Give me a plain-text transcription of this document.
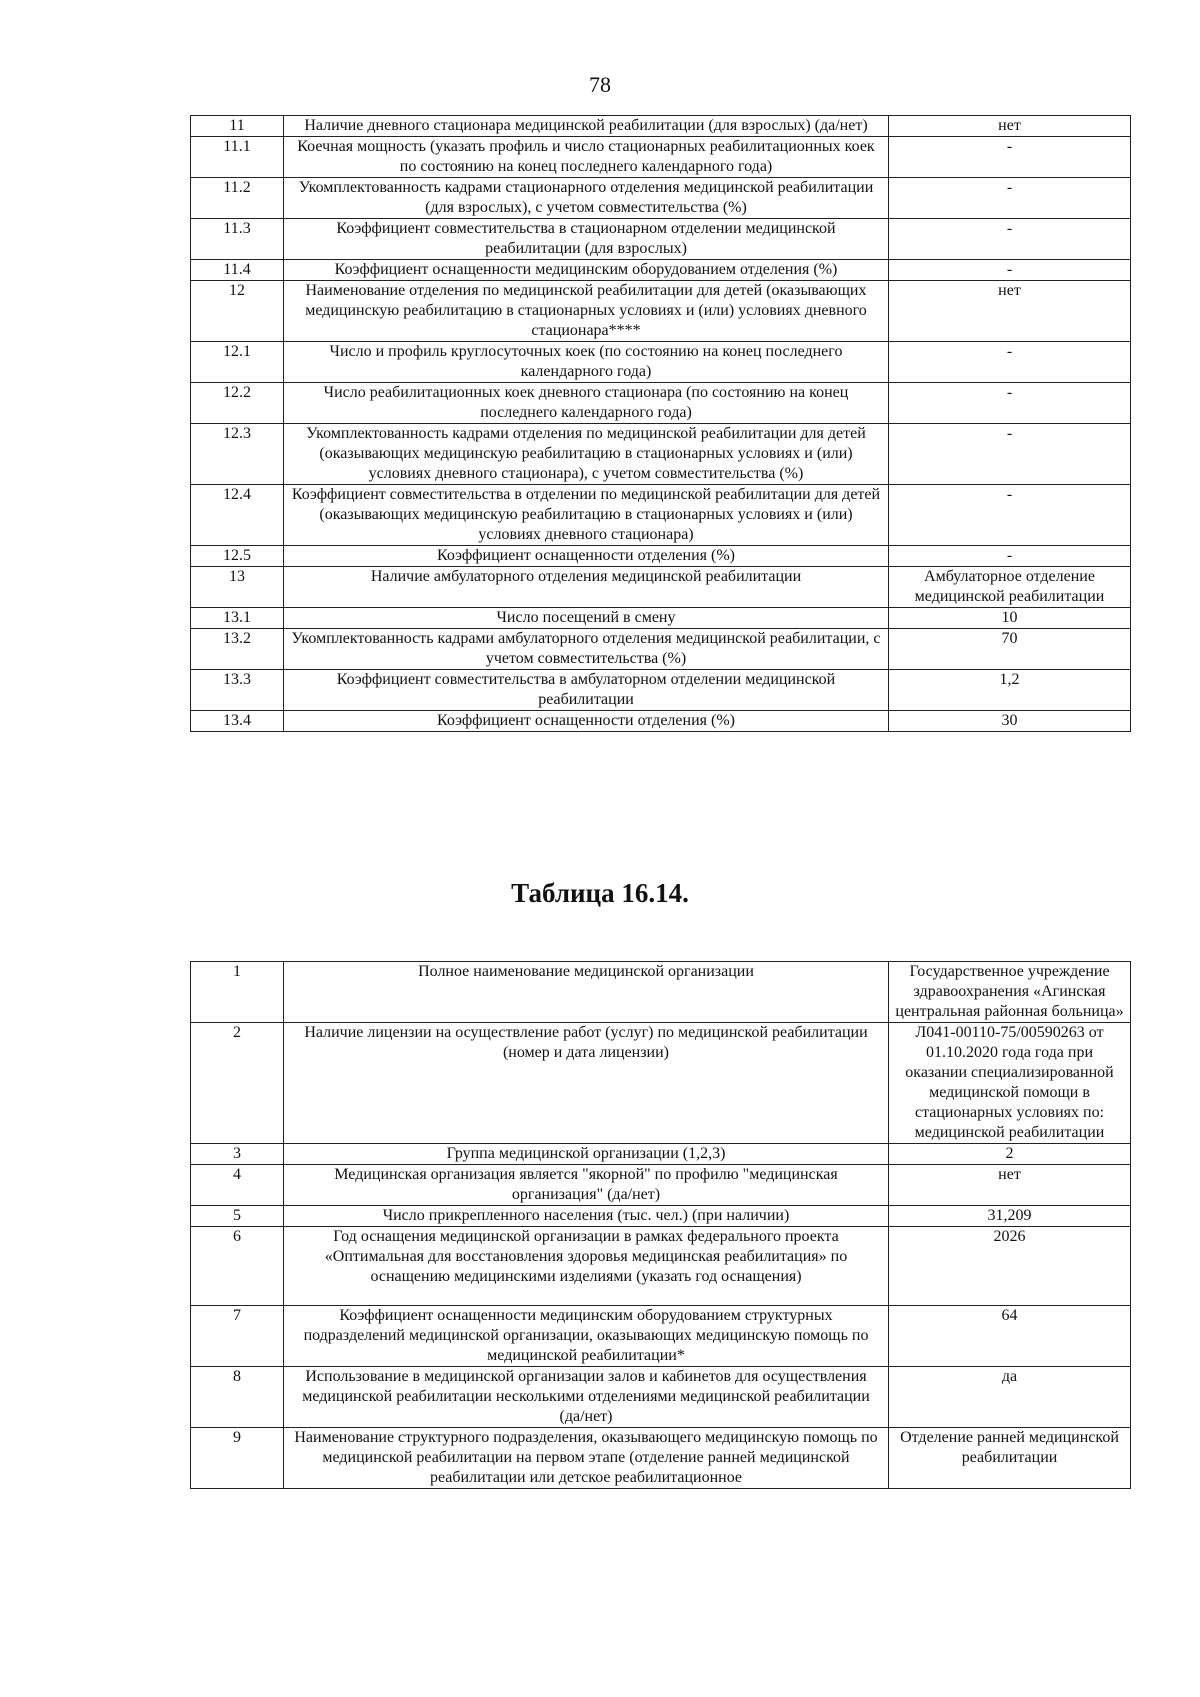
78
11	Наличие дневного стационара медицинской реабилитации (для взрослых) (да/нет)	нет
11.1	Коечная мощность (указать профиль и число стационарных реабилитационных коек по состоянию на конец последнего календарного года)	-
11.2	Укомплектованность кадрами стационарного отделения медицинской реабилитации (для взрослых), с учетом совместительства (%)	-
11.3	Коэффициент совместительства в стационарном отделении медицинской реабилитации (для взрослых)	-
11.4	Коэффициент оснащенности медицинским оборудованием отделения (%)	-
12	Наименование отделения по медицинской реабилитации для детей (оказывающих медицинскую реабилитацию в стационарных условиях и (или) условиях дневного стационара****	нет
12.1	Число и профиль круглосуточных коек (по состоянию на конец последнего календарного года)	-
12.2	Число реабилитационных коек дневного стационара (по состоянию на конец последнего календарного года)	-
12.3	Укомплектованность кадрами отделения по медицинской реабилитации для детей (оказывающих медицинскую реабилитацию в стационарных условиях и (или) условиях дневного стационара), с учетом совместительства (%)	-
12.4	Коэффициент совместительства в отделении по медицинской реабилитации для детей (оказывающих медицинскую реабилитацию в стационарных условиях и (или) условиях дневного стационара)	-
12.5	Коэффициент оснащенности отделения (%)	-
13	Наличие амбулаторного отделения медицинской реабилитации	Амбулаторное отделение медицинской реабилитации
13.1	Число посещений в смену	10
13.2	Укомплектованность кадрами амбулаторного отделения медицинской реабилитации, с учетом совместительства (%)	70
13.3	Коэффициент совместительства в амбулаторном отделении медицинской реабилитации	1,2
13.4	Коэффициент оснащенности отделения (%)	30
Таблица 16.14.
1	Полное наименование медицинской организации	Государственное учреждение здравоохранения «Агинская центральная районная больница»
2	Наличие лицензии на осуществление работ (услуг) по медицинской реабилитации (номер и дата лицензии)	Л041-00110-75/00590263 от 01.10.2020 года года при оказании специализированной медицинской помощи в стационарных условиях по: медицинской реабилитации
3	Группа медицинской организации (1,2,3)	2
4	Медицинская организация является "якорной" по профилю "медицинская организация" (да/нет)	нет
5	Число прикрепленного населения (тыс. чел.) (при наличии)	31,209
6	Год оснащения медицинской организации в рамках федерального проекта «Оптимальная для восстановления здоровья медицинская реабилитация» по оснащению медицинскими изделиями (указать год оснащения)	2026
7	Коэффициент оснащенности медицинским оборудованием структурных подразделений медицинской организации, оказывающих медицинскую помощь по медицинской реабилитации*	64
8	Использование в медицинской организации залов и кабинетов для осуществления медицинской реабилитации несколькими отделениями медицинской реабилитации (да/нет)	да
9	Наименование структурного подразделения, оказывающего медицинскую помощь по медицинской реабилитации на первом этапе (отделение ранней медицинской реабилитации или детское реабилитационное	Отделение ранней медицинской реабилитации
